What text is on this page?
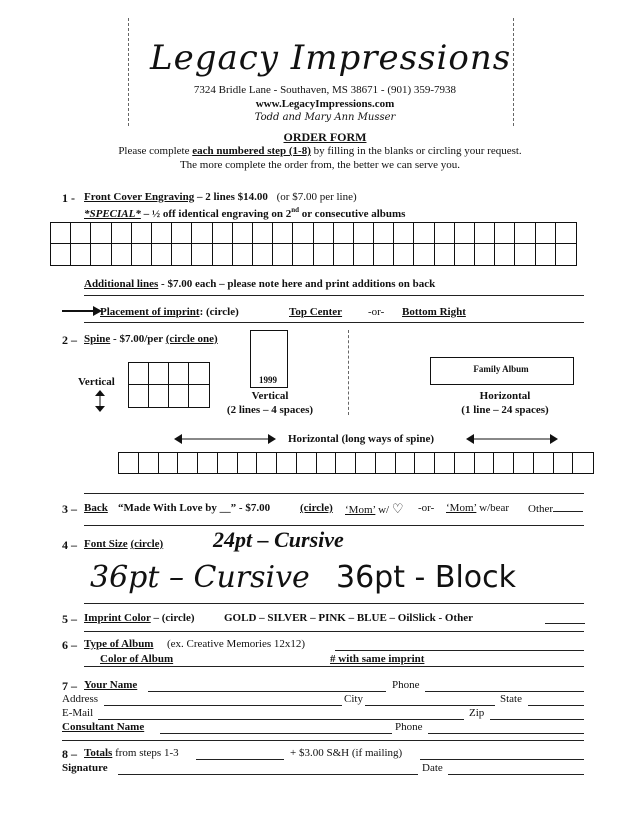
Legacy Impressions
7324 Bridle Lane - Southaven, MS 38671 - (901) 359-7938
www.LegacyImpressions.com
Todd and Mary Ann Musser
ORDER FORM
Please complete each numbered step (1-8) by filling in the blanks or circling your request.
The more complete the order from, the better we can serve you.
1 - Front Cover Engraving – 2 lines $14.00 (or $7.00 per line)
*SPECIAL* – ½ off identical engraving on 2nd or consecutive albums
Additional lines - $7.00 each – please note here and print additions on back
Placement of imprint: (circle)	Top Center -or- Bottom Right
2 – Spine - $7.00/per (circle one)
Vertical	1999
Vertical
(2 lines – 4 spaces)
Family Album
Horizontal
(1 line – 24 spaces)
Horizontal (long ways of spine)
3 – Back “Made With Love by __” - $7.00	(circle) ‘Mom’ w/ ♡ -or- ‘Mom’ w/bear Other
4 – Font Size (circle) 24pt – Cursive
36pt – Cursive 36pt - Block
5 – Imprint Color – (circle)	GOLD – SILVER – PINK – BLUE – OilSlick - Other
6 – Type of Album (ex. Creative Memories 12x12)
Color of Album	# with same imprint
7 – Your Name	Phone
Address	City	State
E-Mail	Zip
Consultant Name	Phone
8 – Totals from steps 1-3	+ $3.00 S&H (if mailing)
Signature	Date
